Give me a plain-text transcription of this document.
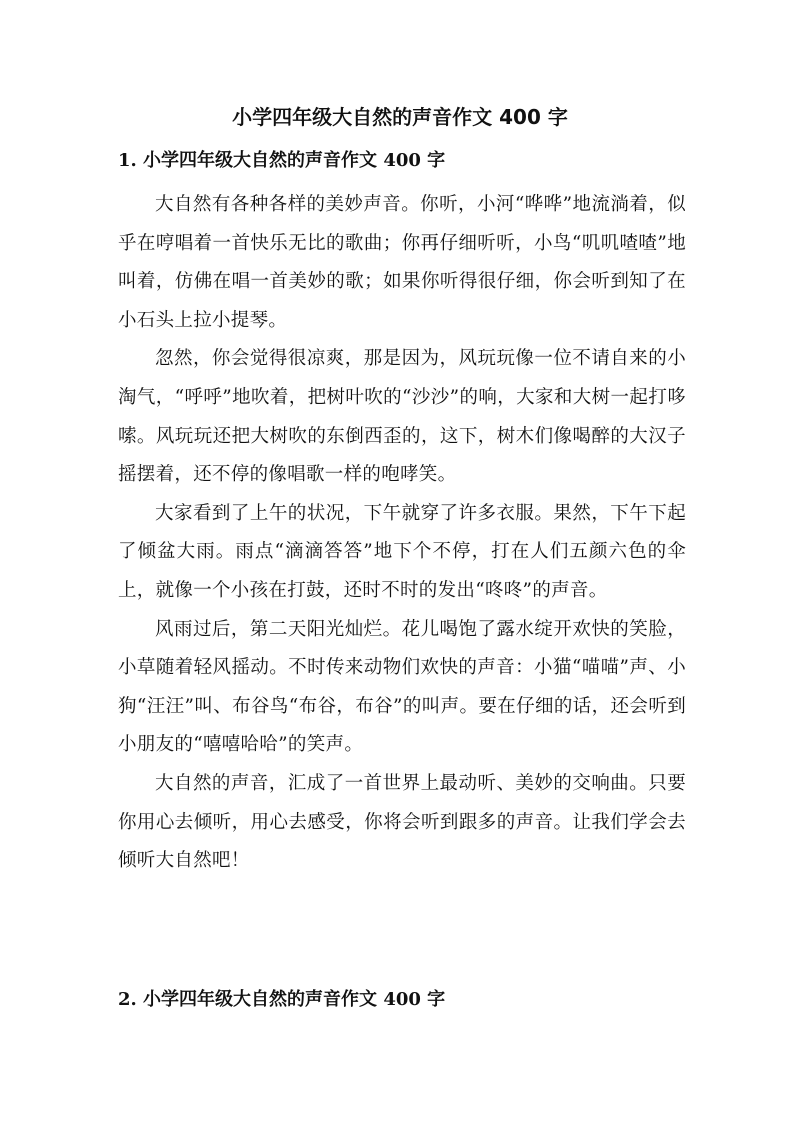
小学四年级大自然的声音作文 400 字
1. 小学四年级大自然的声音作文 400 字

大自然有各种各样的美妙声音。你听，小河“哗哗”地流淌着，似乎在哼唱着一首快乐无比的歌曲；你再仔细听听，小鸟“叽叽喳喳”地叫着，仿佛在唱一首美妙的歌；如果你听得很仔细，你会听到知了在小石头上拉小提琴。

忽然，你会觉得很凉爽，那是因为，风玩玩像一位不请自来的小淘气，“呼呼”地吹着，把树叶吹的“沙沙”的响，大家和大树一起打哆嗦。风玩玩还把大树吹的东倒西歪的，这下，树木们像喝醉的大汉子摇摆着，还不停的像唱歌一样的咆哮笑。

大家看到了上午的状况，下午就穿了许多衣服。果然，下午下起了倾盆大雨。雨点“滴滴答答”地下个不停，打在人们五颜六色的伞上，就像一个小孩在打鼓，还时不时的发出“咚咚”的声音。

风雨过后，第二天阳光灿烂。花儿喝饱了露水绽开欢快的笑脸，小草随着轻风摇动。不时传来动物们欢快的声音：小猫“喵喵”声、小狗“汪汪”叫、布谷鸟“布谷，布谷”的叫声。要在仔细的话，还会听到小朋友的“嘻嘻哈哈”的笑声。

大自然的声音，汇成了一首世界上最动听、美妙的交响曲。只要你用心去倾听，用心去感受，你将会听到跟多的声音。让我们学会去倾听大自然吧！

2. 小学四年级大自然的声音作文 400 字
